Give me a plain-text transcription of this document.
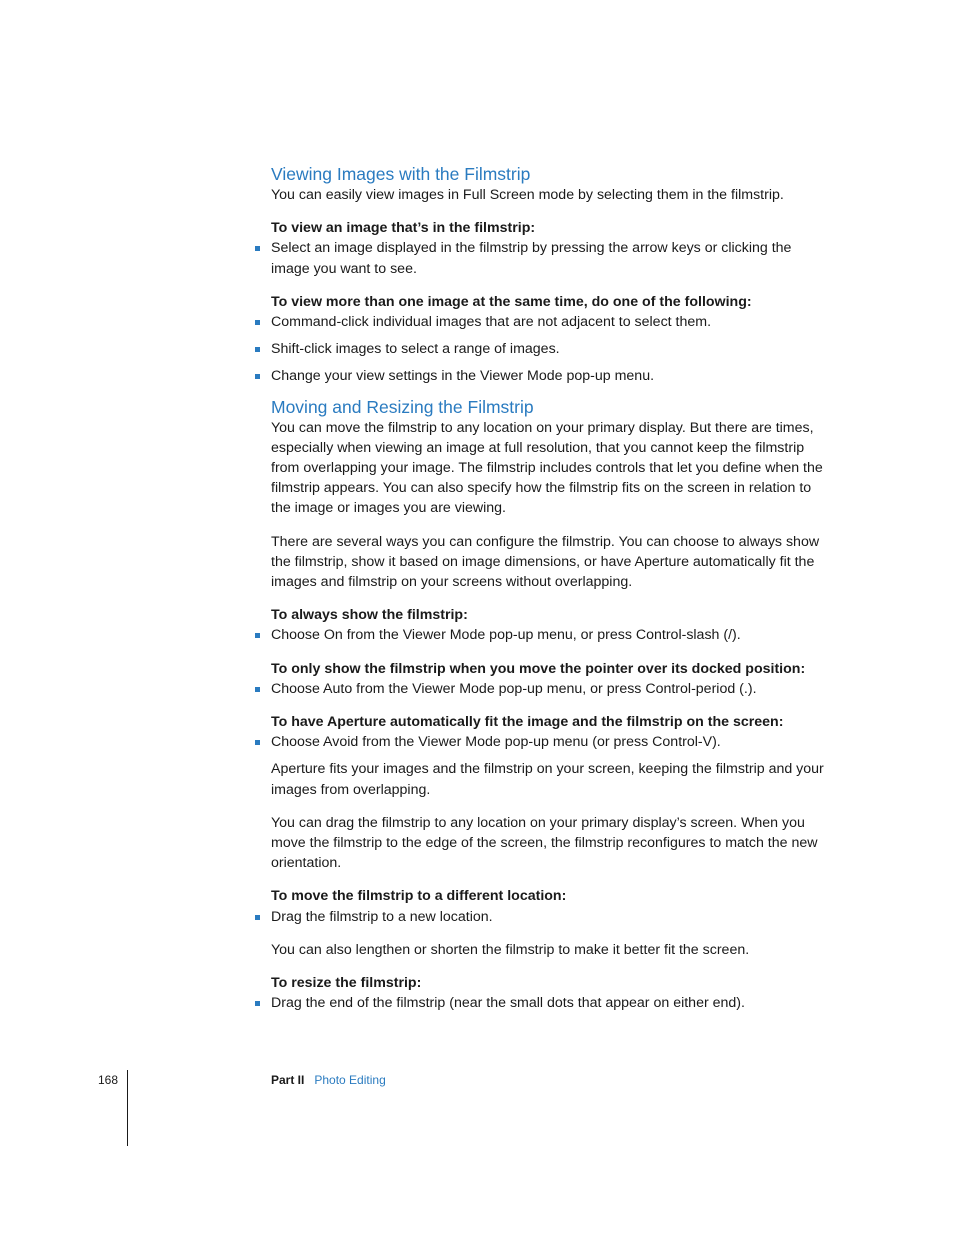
Viewing Images with the Filmstrip

You can easily view images in Full Screen mode by selecting them in the filmstrip.

To view an image that’s in the filmstrip:

Select an image displayed in the filmstrip by pressing the arrow keys or clicking the image you want to see.

To view more than one image at the same time, do one of the following:

Command-click individual images that are not adjacent to select them.
Shift-click images to select a range of images.
Change your view settings in the Viewer Mode pop-up menu.
Moving and Resizing the Filmstrip

You can move the filmstrip to any location on your primary display. But there are times, especially when viewing an image at full resolution, that you cannot keep the filmstrip from overlapping your image. The filmstrip includes controls that let you define when the filmstrip appears. You can also specify how the filmstrip fits on the screen in relation to the image or images you are viewing.

There are several ways you can configure the filmstrip. You can choose to always show the filmstrip, show it based on image dimensions, or have Aperture automatically fit the images and filmstrip on your screens without overlapping.

To always show the filmstrip:

Choose On from the Viewer Mode pop-up menu, or press Control-slash (/).

To only show the filmstrip when you move the pointer over its docked position:

Choose Auto from the Viewer Mode pop-up menu, or press Control-period (.).

To have Aperture automatically fit the image and the filmstrip on the screen:

Choose Avoid from the Viewer Mode pop-up menu (or press Control-V).

Aperture fits your images and the filmstrip on your screen, keeping the filmstrip and your images from overlapping.

You can drag the filmstrip to any location on your primary display’s screen. When you move the filmstrip to the edge of the screen, the filmstrip reconfigures to match the new orientation.

To move the filmstrip to a different location:

Drag the filmstrip to a new location.

You can also lengthen or shorten the filmstrip to make it better fit the screen.

To resize the filmstrip:

Drag the end of the filmstrip (near the small dots that appear on either end).
168	Part II Photo Editing
